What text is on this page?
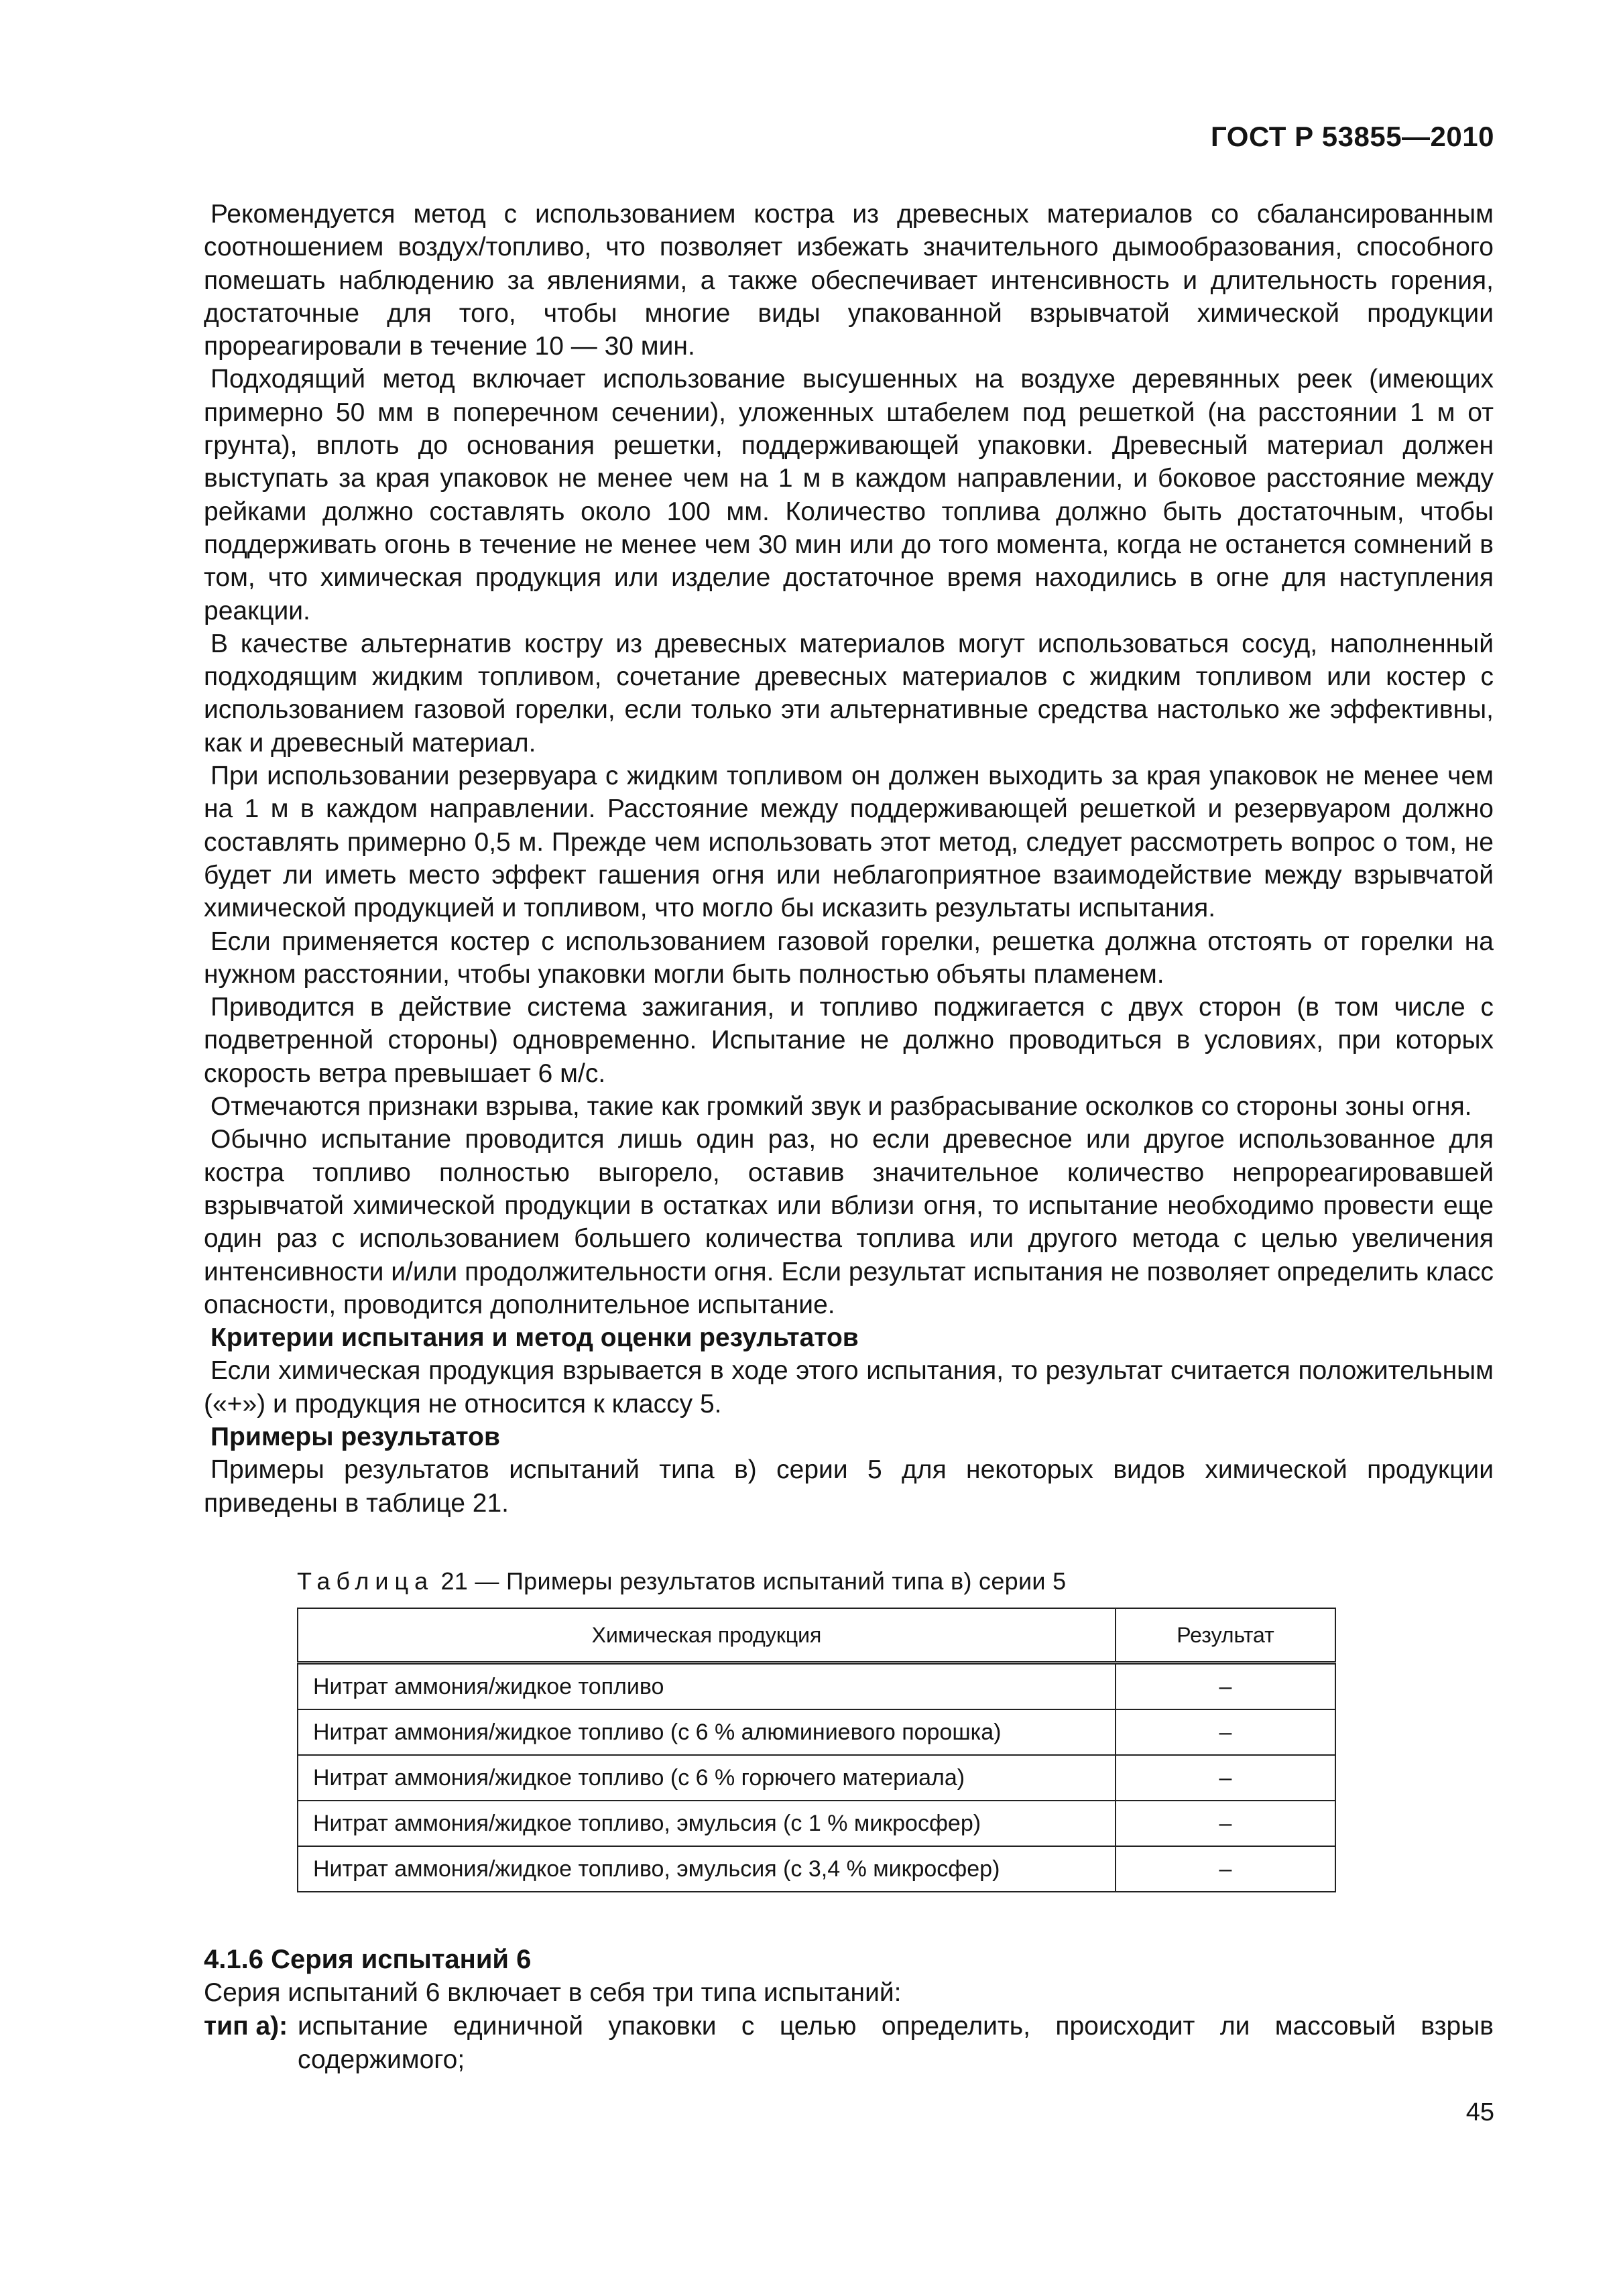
ГОСТ Р 53855—2010

Рекомендуется метод с использованием костра из древесных материалов со сбалансированным соотношением воздух/топливо, что позволяет избежать значительного дымообразования, способного помешать наблюдению за явлениями, а также обеспечивает интенсивность и длительность горения, достаточные для того, чтобы многие виды упакованной взрывчатой химической продукции прореагировали в течение 10 — 30 мин.

Подходящий метод включает использование высушенных на воздухе деревянных реек (имеющих примерно 50 мм в поперечном сечении), уложенных штабелем под решеткой (на расстоянии 1 м от грунта), вплоть до основания решетки, поддерживающей упаковки. Древесный материал должен выступать за края упаковок не менее чем на 1 м в каждом направлении, и боковое расстояние между рейками должно составлять около 100 мм. Количество топлива должно быть достаточным, чтобы поддерживать огонь в течение не менее чем 30 мин или до того момента, когда не останется сомнений в том, что химическая продукция или изделие достаточное время находились в огне для наступления реакции.

В качестве альтернатив костру из древесных материалов могут использоваться сосуд, наполненный подходящим жидким топливом, сочетание древесных материалов с жидким топливом или костер с использованием газовой горелки, если только эти альтернативные средства настолько же эффективны, как и древесный материал.

При использовании резервуара с жидким топливом он должен выходить за края упаковок не менее чем на 1 м в каждом направлении. Расстояние между поддерживающей решеткой и резервуаром должно составлять примерно 0,5 м. Прежде чем использовать этот метод, следует рассмотреть вопрос о том, не будет ли иметь место эффект гашения огня или неблагоприятное взаимодействие между взрывчатой химической продукцией и топливом, что могло бы исказить результаты испытания.

Если применяется костер с использованием газовой горелки, решетка должна отстоять от горелки на нужном расстоянии, чтобы упаковки могли быть полностью объяты пламенем.

Приводится в действие система зажигания, и топливо поджигается с двух сторон (в том числе с подветренной стороны) одновременно. Испытание не должно проводиться в условиях, при которых скорость ветра превышает 6 м/с.

Отмечаются признаки взрыва, такие как громкий звук и разбрасывание осколков со стороны зоны огня.

Обычно испытание проводится лишь один раз, но если древесное или другое использованное для костра топливо полностью выгорело, оставив значительное количество непрореагировавшей взрывчатой химической продукции в остатках или вблизи огня, то испытание необходимо провести еще один раз с использованием большего количества топлива или другого метода с целью увеличения интенсивности и/или продолжительности огня. Если результат испытания не позволяет определить класс опасности, проводится дополнительное испытание.

Критерии испытания и метод оценки результатов

Если химическая продукция взрывается в ходе этого испытания, то результат считается положительным («+») и продукция не относится к классу 5.

Примеры результатов

Примеры результатов испытаний типа в) серии 5 для некоторых видов химической продукции приведены в таблице 21.

Таблица 21 — Примеры результатов испытаний типа в) серии 5
Химическая продукция	Результат
Нитрат аммония/жидкое топливо	–
Нитрат аммония/жидкое топливо (с 6 % алюминиевого порошка)	–
Нитрат аммония/жидкое топливо (с 6 % горючего материала)	–
Нитрат аммония/жидкое топливо, эмульсия (с 1 % микросфер)	–
Нитрат аммония/жидкое топливо, эмульсия (с 3,4 % микросфер)	–
4.1.6 Серия испытаний 6

Серия испытаний 6 включает в себя три типа испытаний:

тип а): испытание единичной упаковки с целью определить, происходит ли массовый взрыв содержимого;
45
